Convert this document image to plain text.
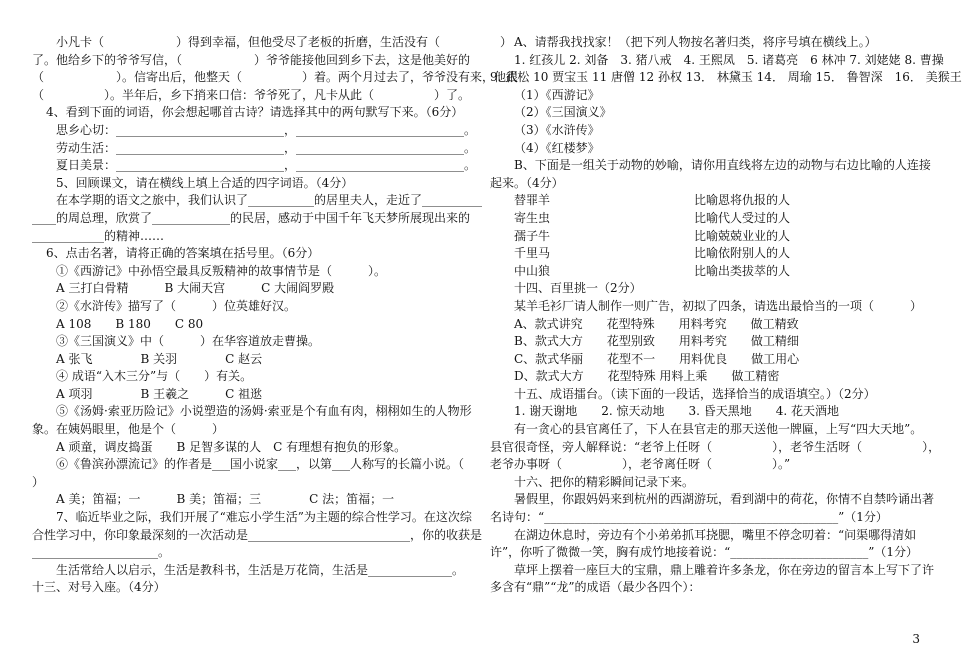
小凡卡（　　　　　　）得到幸福，但他受尽了老板的折磨，生活没有（　　　　　）
了。他给乡下的爷爷写信，（　　　　　　）爷爷能接他回到乡下去，这是他美好的
（　　　　　　）。信寄出后，他整天（　　　　　）着。两个月过去了，爷爷没有来，他很
（　　　　　）。半年后，乡下捎来口信：爷爷死了，凡卡从此（　　　　　）了。
4、看到下面的词语，你会想起哪首古诗？请选择其中的两句默写下来。（6分）
思乡心切：____________________________，____________________________。
劳动生活：____________________________，____________________________。
夏日美景：____________________________，____________________________。
5、回顾课文，请在横线上填上合适的四字词语。（4分）
在本学期的语文之旅中，我们认识了___________的居里夫人，走近了__________
____的周总理，欣赏了_____________的民居，感动于中国千年飞天梦所展现出来的
____________的精神……
6、点击名著，请将正确的答案填在括号里。（6分）
①《西游记》中孙悟空最具反叛精神的故事情节是（　　　）。
A 三打白骨精　　　B 大闹天宫　　　C 大闹阎罗殿
②《水浒传》描写了（　　　）位英雄好汉。
A 108　　B 180　　C 80
③《三国演义》中（　　　）在华容道放走曹操。
A 张飞　　　　B 关羽　　　　C 赵云
④ 成语“入木三分”与（　　）有关。
A 项羽　　　　B 王羲之　　　C 祖逖
⑤《汤姆·索亚历险记》小说塑造的汤姆·索亚是个有血有肉，栩栩如生的人物形
象。在姨妈眼里，他是个（　　　）
A 顽童，调皮捣蛋　　B 足智多谋的人　C 有理想有抱负的形象。
⑥《鲁滨孙漂流记》的作者是___国小说家___，以第___人称写的长篇小说。（
）
A 美；笛福；一　　　B 美；笛福；三　　　　C 法；笛福；一
7、临近毕业之际，我们开展了“难忘小学生活”为主题的综合性学习。在这次综
合性学习中，你印象最深刻的一次活动是___________________________，你的收获是
_____________________。
生活常给人以启示，生活是教科书，生活是万花筒，生活是______________。
十三、对号入座。（4分）
A、请帮我找找家！（把下列人物按名著归类，将序号填在横线上。）
1. 红孩儿 2. 刘备　3. 猪八戒　4. 王熙凤　5. 诸葛亮　6 林冲 7. 刘姥姥 8. 曹操
9. 武松 10 贾宝玉 11 唐僧 12 孙权 13． 林黛玉 14． 周瑜 15． 鲁智深　16． 美猴王
（1）《西游记》
（2）《三国演义》
（3）《水浒传》
（4）《红楼梦》
B、下面是一组关于动物的妙喻，请你用直线将左边的动物与右边比喻的人连接
起来。（4分）
替罪羊	比喻恩将仇报的人
寄生虫	比喻代人受过的人
孺子牛	比喻兢兢业业的人
千里马	比喻依附别人的人
中山狼	比喻出类拔萃的人
十四、百里挑一（2分）
某羊毛衫厂请人制作一则广告，初拟了四条，请选出最恰当的一项（　　　）
A、款式讲究　　花型特殊　　用料考究　　做工精致
B、款式大方　　花型别致　　用料考究　　做工精细
C、款式华丽　　花型不一　　用料优良　　做工用心
D、款式大方　　花型特殊 用料上乘　　做工精密
十五、成语擂台。（读下面的一段话，选择恰当的成语填空。）（2分）
1. 谢天谢地　　2. 惊天动地　　3. 昏天黑地　　4. 花天酒地
有一贪心的县官离任了，下人在县官走的那天送他一牌匾，上写“四大天地”。
县官很奇怪，旁人解释说：“老爷上任呀（　　　　　），老爷生活呀（　　　　　），
老爷办事呀（　　　　　），老爷离任呀（　　　　　）。”
十六、把你的精彩瞬间记录下来。
暑假里，你跟妈妈来到杭州的西湖游玩，看到湖中的荷花，你情不自禁吟诵出著
名诗句：“_________________________________________________”（1分）
在湖边休息时，旁边有个小弟弟抓耳挠腮，嘴里不停念叨着：“问渠哪得清如
许”，你听了微微一笑，胸有成竹地接着说：“_______________________”（1分）
草坪上摆着一座巨大的宝鼎，鼎上雕着许多条龙，你在旁边的留言本上写下了许
多含有“鼎”“龙”的成语（最少各四个）：
3
